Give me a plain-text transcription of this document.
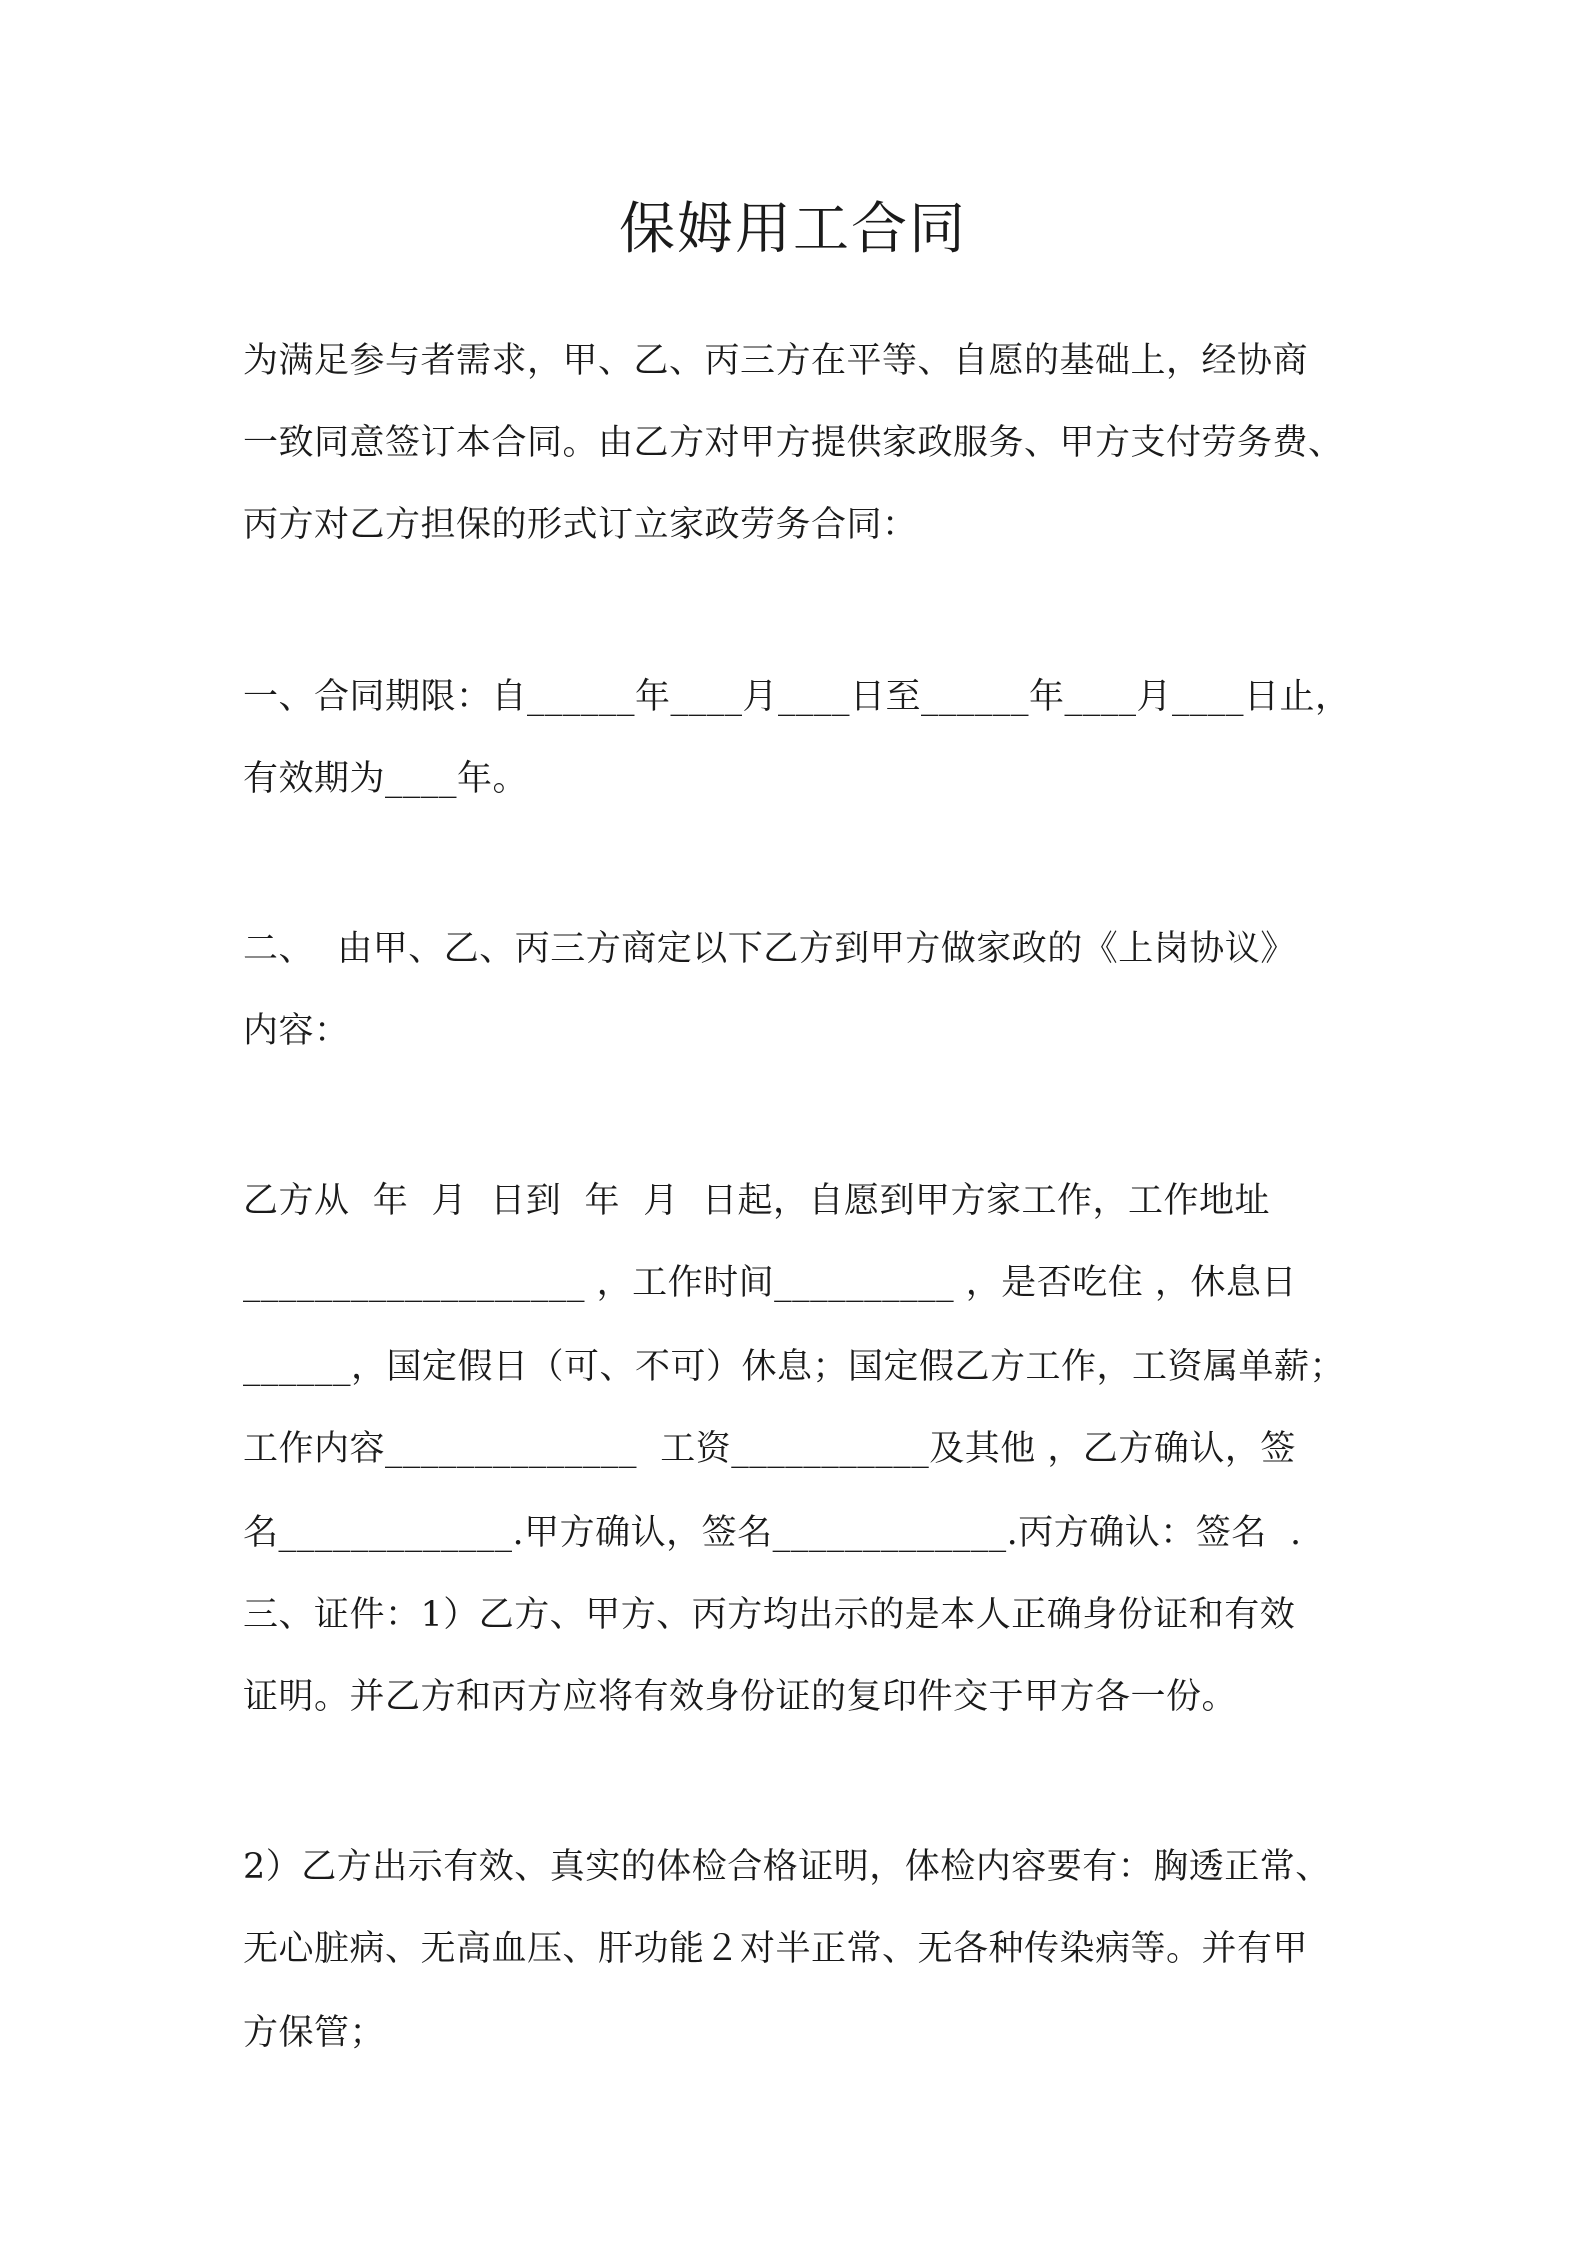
保姆用工合同
为满足参与者需求，甲、乙、丙三方在平等、自愿的基础上，经协商
一致同意签订本合同。由乙方对甲方提供家政服务、甲方支付劳务费、
丙方对乙方担保的形式订立家政劳务合同：
一、合同期限：自______年____月____日至______年____月____日止，
有效期为____年。
二、  由甲、乙、丙三方商定以下乙方到甲方做家政的《上岗协议》
内容：
乙方从  年  月  日到  年  月  日起，自愿到甲方家工作，工作地址
___________________ ，工作时间__________ ，是否吃住 ，休息日
______，国定假日（可、不可）休息；国定假乙方工作，工资属单薪；
工作内容______________  工资___________及其他 ，乙方确认，签
名_____________.甲方确认，签名_____________.丙方确认：签名  .
三、证件：1）乙方、甲方、丙方均出示的是本人正确身份证和有效
证明。并乙方和丙方应将有效身份证的复印件交于甲方各一份。
2）乙方出示有效、真实的体检合格证明，体检内容要有：胸透正常、
无心脏病、无高血压、肝功能２对半正常、无各种传染病等。并有甲
方保管；
